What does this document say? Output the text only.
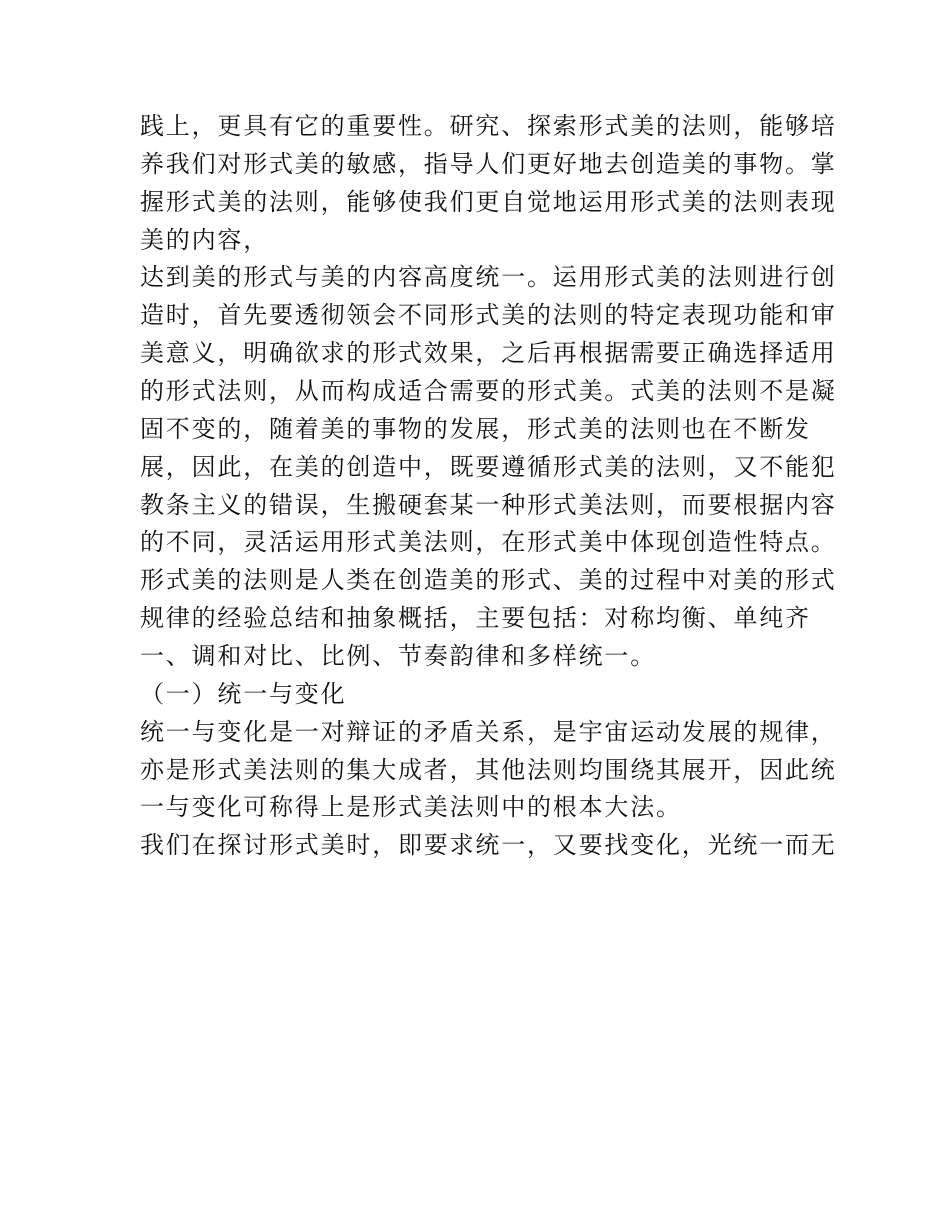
践上，更具有它的重要性。研究、探索形式美的法则，能够培
养我们对形式美的敏感，指导人们更好地去创造美的事物。掌
握形式美的法则，能够使我们更自觉地运用形式美的法则表现
美的内容，
达到美的形式与美的内容高度统一。运用形式美的法则进行创
造时，首先要透彻领会不同形式美的法则的特定表现功能和审
美意义，明确欲求的形式效果，之后再根据需要正确选择适用
的形式法则，从而构成适合需要的形式美。式美的法则不是凝
固不变的，随着美的事物的发展，形式美的法则也在不断发
展，因此，在美的创造中，既要遵循形式美的法则，又不能犯
教条主义的错误，生搬硬套某一种形式美法则，而要根据内容
的不同，灵活运用形式美法则，在形式美中体现创造性特点。
形式美的法则是人类在创造美的形式、美的过程中对美的形式
规律的经验总结和抽象概括，主要包括：对称均衡、单纯齐
一、调和对比、比例、节奏韵律和多样统一。
（一）统一与变化
统一与变化是一对辩证的矛盾关系，是宇宙运动发展的规律，
亦是形式美法则的集大成者，其他法则均围绕其展开，因此统
一与变化可称得上是形式美法则中的根本大法。
我们在探讨形式美时，即要求统一，又要找变化，光统一而无
